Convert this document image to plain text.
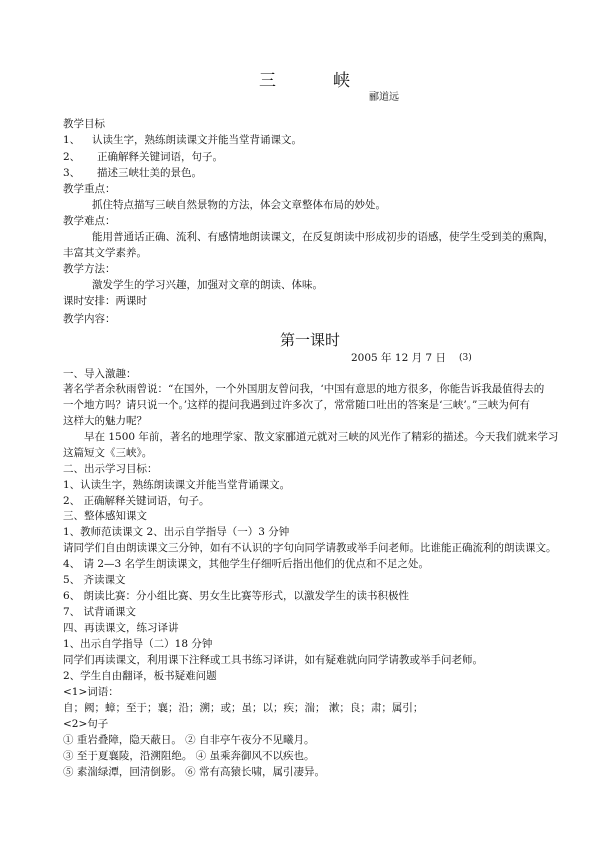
三	峡
郦道远
教学目标
1、 认读生字，熟练朗读课文并能当堂背诵课文。
2、 正确解释关键词语，句子。
3、 描述三峡壮美的景色。
教学重点：
抓住特点描写三峡自然景物的方法，体会文章整体布局的妙处。
教学难点：
能用普通话正确、流利、有感情地朗读课文，在反复朗读中形成初步的语感，使学生受到美的熏陶，
丰富其文学素养。
教学方法：
激发学生的学习兴趣，加强对文章的朗读、体味。
课时安排：两课时
教学内容：
第一课时
2005 年 12 月 7 日 (3)
一、导入激趣：
著名学者余秋雨曾说：“在国外，一个外国朋友曾问我，‘中国有意思的地方很多，你能告诉我最值得去的
一个地方吗？请只说一个。’这样的提问我遇到过许多次了，常常随口吐出的答案是‘三峡’。”三峡为何有
这样大的魅力呢？
早在 1500 年前，著名的地理学家、散文家郦道元就对三峡的风光作了精彩的描述。今天我们就来学习
这篇短文《三峡》。
二、出示学习目标：
1、认读生字，熟练朗读课文并能当堂背诵课文。
2、 正确解释关键词语，句子。
三、整体感知课文
1、教师范读课文 2、出示自学指导（一）3 分钟
请同学们自由朗读课文三分钟，如有不认识的字句向同学请教或举手问老师。比谁能正确流利的朗读课文。
4、 请 2—3 名学生朗读课文，其他学生仔细听后指出他们的优点和不足之处。
5、 齐读课文
6、 朗读比赛：分小组比赛、男女生比赛等形式，以激发学生的读书积极性
7、 试背诵课文
四、再读课文，练习译讲
1、出示自学指导（二）18 分钟
同学们再读课文，利用课下注释或工具书练习译讲，如有疑难就向同学请教或举手问老师。
2、学生自由翻译，板书疑难问题
<1>词语：
自；阙；蟑；至于；襄；沿；溯；或；虽；以；疾；湍； 漱；良；肃；属引；
<2>句子
① 重岩叠障，隐天蔽日。 ② 自非亭午夜分不见曦月。
③ 至于夏襄陵，沿溯阻绝。 ④ 虽乘奔御风不以疾也。
⑤ 素湍绿潭，回清倒影。 ⑥ 常有高猿长啸，属引凄异。
